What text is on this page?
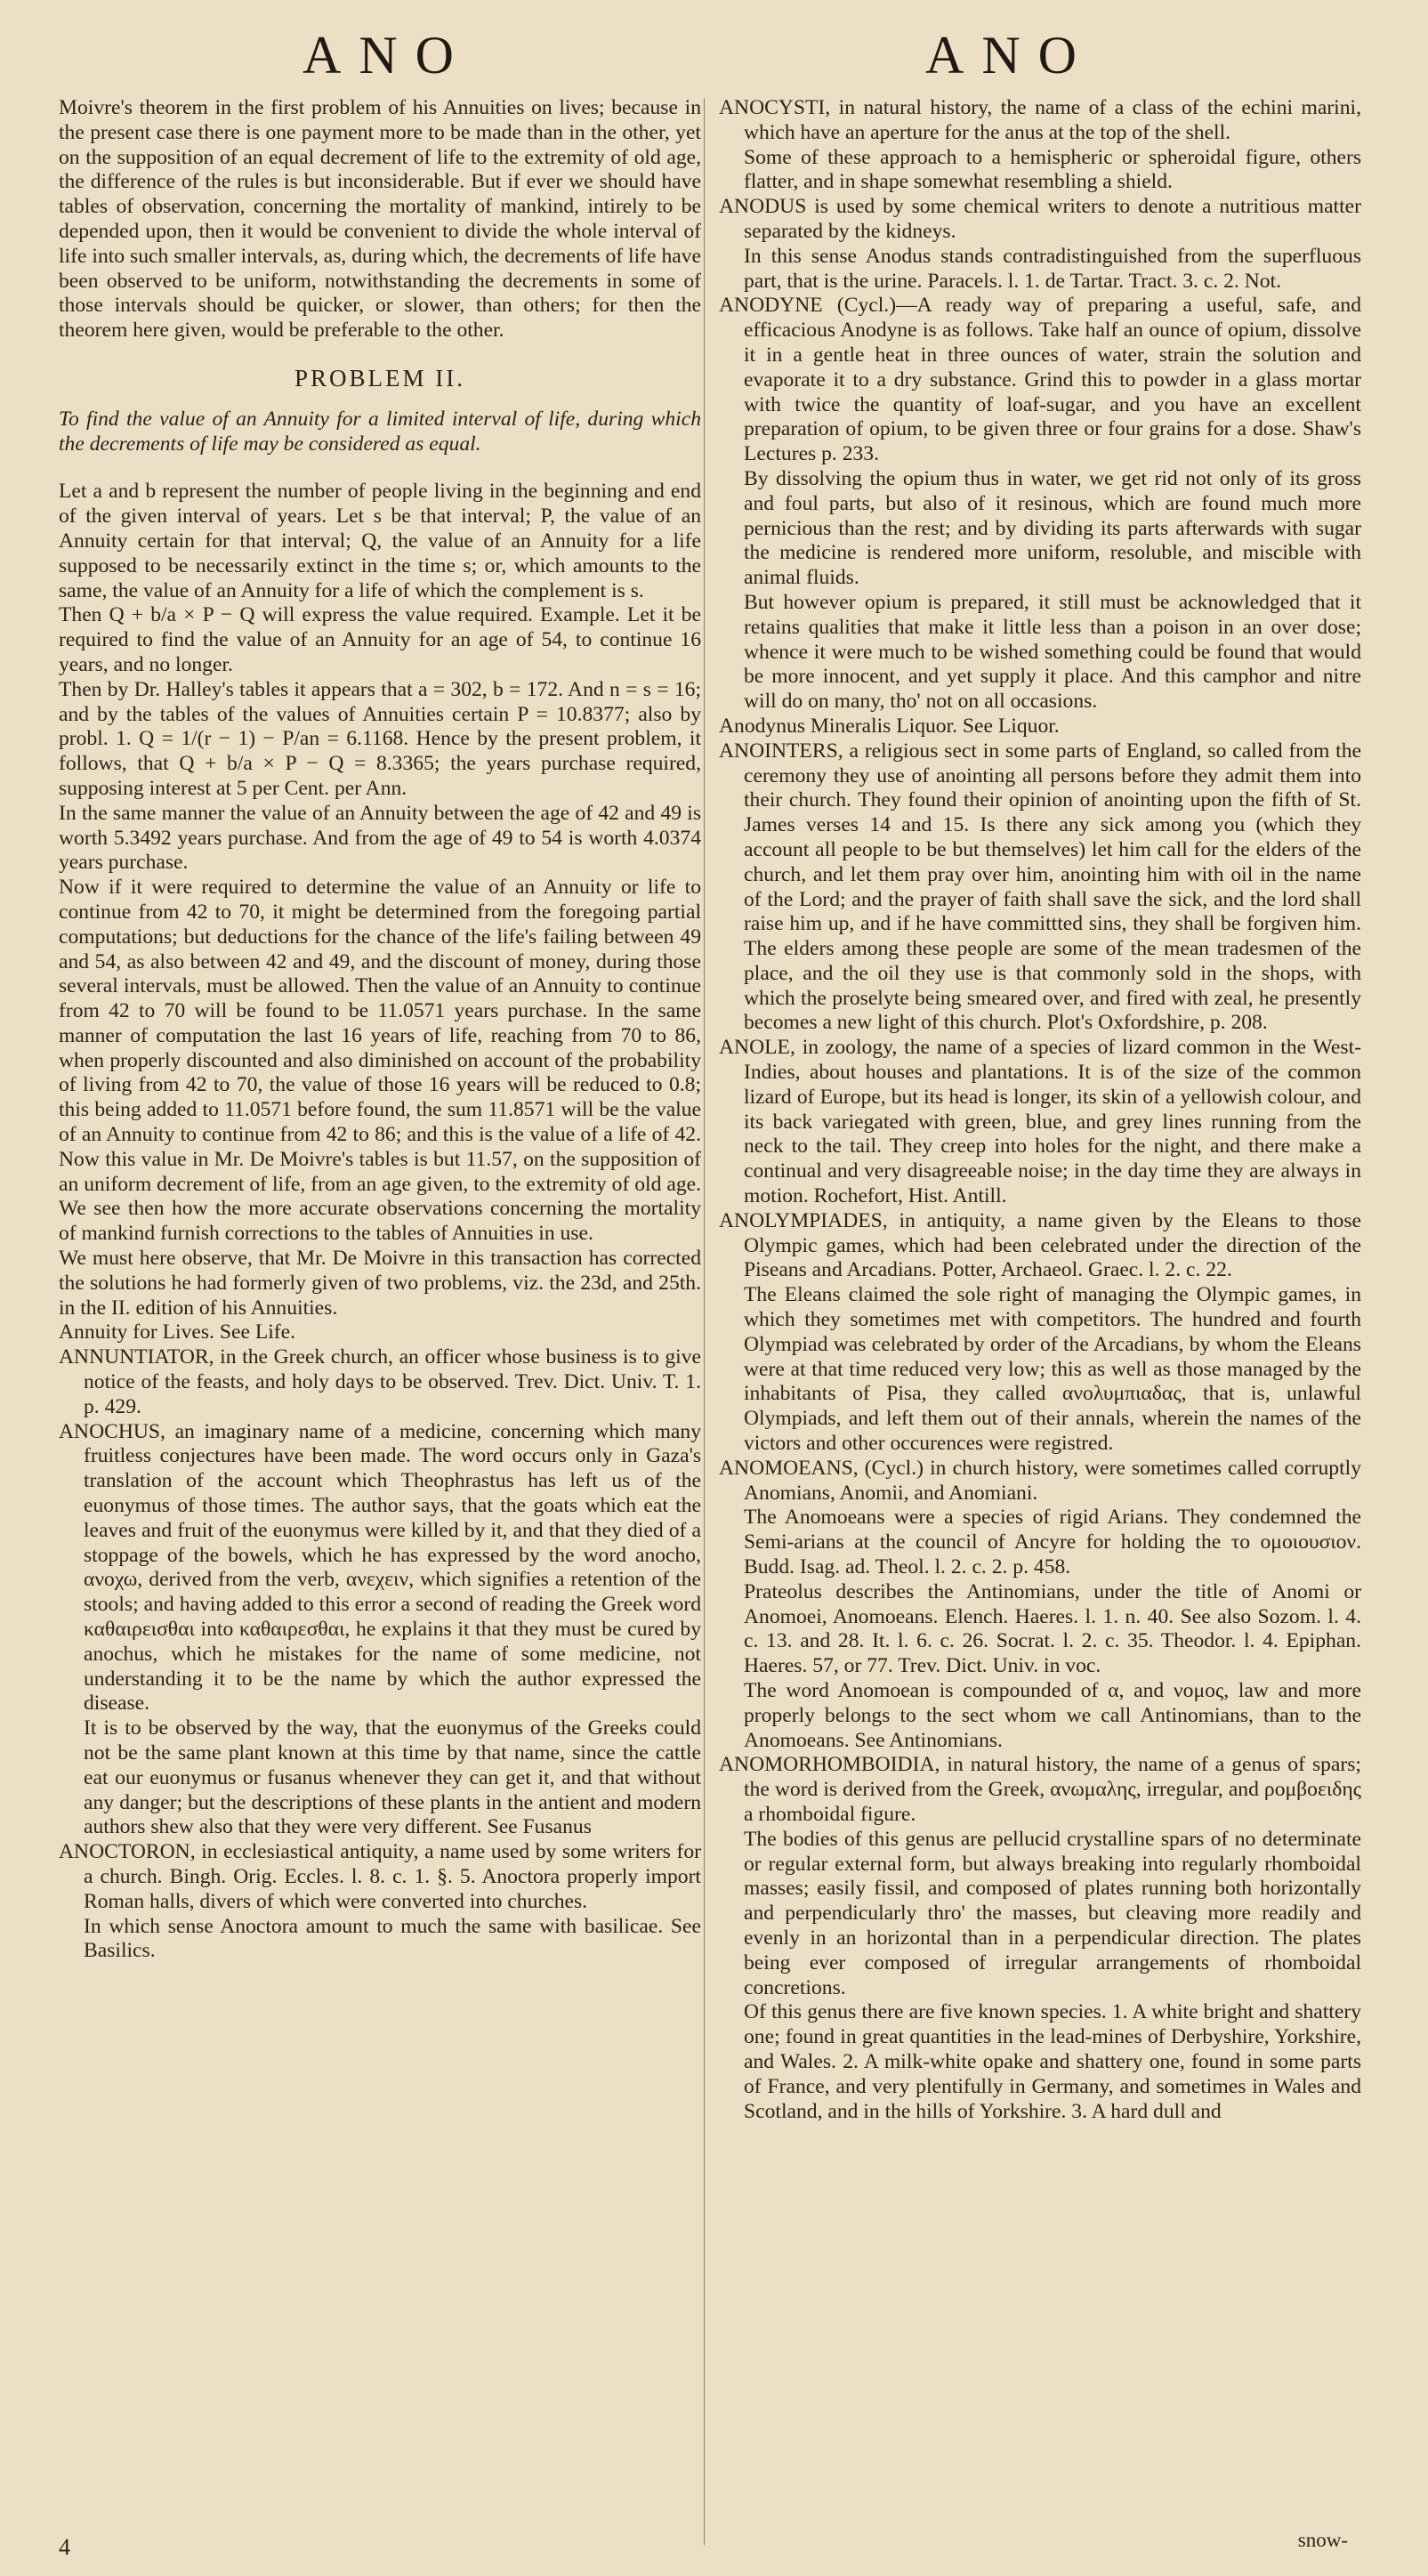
ANO	ANO

Moivre's theorem in the first problem of his Annuities on lives; because in the present case there is one payment more to be made than in the other, yet on the supposition of an equal decrement of life to the extremity of old age, the difference of the rules is but inconsiderable. But if ever we should have tables of observation, concerning the mortality of mankind, intirely to be depended upon, then it would be convenient to divide the whole interval of life into such smaller intervals, as, during which, the decrements of life have been observed to be uniform, notwithstanding the decrements in some of those intervals should be quicker, or slower, than others; for then the theorem here given, would be preferable to the other.

PROBLEM II.

To find the value of an Annuity for a limited interval of life, during which the decrements of life may be considered as equal.

Let a and b represent the number of people living in the beginning and end of the given interval of years. Let s be that interval; P, the value of an Annuity certain for that interval; Q, the value of an Annuity for a life supposed to be necessarily extinct in the time s; or, which amounts to the same, the value of an Annuity for a life of which the complement is s.

Then Q + b/a × P − Q will express the value required. Example. Let it be required to find the value of an Annuity for an age of 54, to continue 16 years, and no longer.

Then by Dr. Halley's tables it appears that a = 302, b = 172. And n = s = 16; and by the tables of the values of Annuities certain P = 10.8377; also by probl. 1. Q = 1/(r − 1) − P/an = 6.1168. Hence by the present problem, it follows, that Q + b/a × P − Q = 8.3365; the years purchase required, supposing interest at 5 per Cent. per Ann.

In the same manner the value of an Annuity between the age of 42 and 49 is worth 5.3492 years purchase. And from the age of 49 to 54 is worth 4.0374 years purchase.

Now if it were required to determine the value of an Annuity or life to continue from 42 to 70, it might be determined from the foregoing partial computations; but deductions for the chance of the life's failing between 49 and 54, as also between 42 and 49, and the discount of money, during those several intervals, must be allowed. Then the value of an Annuity to continue from 42 to 70 will be found to be 11.0571 years purchase. In the same manner of computation the last 16 years of life, reaching from 70 to 86, when properly discounted and also diminished on account of the probability of living from 42 to 70, the value of those 16 years will be reduced to 0.8; this being added to 11.0571 before found, the sum 11.8571 will be the value of an Annuity to continue from 42 to 86; and this is the value of a life of 42. Now this value in Mr. De Moivre's tables is but 11.57, on the supposition of an uniform decrement of life, from an age given, to the extremity of old age. We see then how the more accurate observations concerning the mortality of mankind furnish corrections to the tables of Annuities in use.

We must here observe, that Mr. De Moivre in this transaction has corrected the solutions he had formerly given of two problems, viz. the 23d, and 25th. in the II. edition of his Annuities.

Annuity for Lives. See Life.

ANNUNTIATOR, in the Greek church, an officer whose business is to give notice of the feasts, and holy days to be observed. Trev. Dict. Univ. T. 1. p. 429.

ANOCHUS, an imaginary name of a medicine, concerning which many fruitless conjectures have been made. The word occurs only in Gaza's translation of the account which Theophrastus has left us of the euonymus of those times. The author says, that the goats which eat the leaves and fruit of the euonymus were killed by it, and that they died of a stoppage of the bowels, which he has expressed by the word anocho, ανοχω, derived from the verb, ανεχειν, which signifies a retention of the stools; and having added to this error a second of reading the Greek word καθαιρεισθαι into καθαιρεσθαι, he explains it that they must be cured by anochus, which he mistakes for the name of some medicine, not understanding it to be the name by which the author expressed the disease.

It is to be observed by the way, that the euonymus of the Greeks could not be the same plant known at this time by that name, since the cattle eat our euonymus or fusanus whenever they can get it, and that without any danger; but the descriptions of these plants in the antient and modern authors shew also that they were very different. See Fusanus

ANOCTORON, in ecclesiastical antiquity, a name used by some writers for a church. Bingh. Orig. Eccles. l. 8. c. 1. §. 5. Anoctora properly import Roman halls, divers of which were converted into churches.

In which sense Anoctora amount to much the same with basilicae. See Basilics.

ANOCYSTI, in natural history, the name of a class of the echini marini, which have an aperture for the anus at the top of the shell.

Some of these approach to a hemispheric or spheroidal figure, others flatter, and in shape somewhat resembling a shield.

ANODUS is used by some chemical writers to denote a nutritious matter separated by the kidneys.

In this sense Anodus stands contradistinguished from the superfluous part, that is the urine. Paracels. l. 1. de Tartar. Tract. 3. c. 2. Not.

ANODYNE (Cycl.)—A ready way of preparing a useful, safe, and efficacious Anodyne is as follows. Take half an ounce of opium, dissolve it in a gentle heat in three ounces of water, strain the solution and evaporate it to a dry substance. Grind this to powder in a glass mortar with twice the quantity of loaf-sugar, and you have an excellent preparation of opium, to be given three or four grains for a dose. Shaw's Lectures p. 233.

By dissolving the opium thus in water, we get rid not only of its gross and foul parts, but also of it resinous, which are found much more pernicious than the rest; and by dividing its parts afterwards with sugar the medicine is rendered more uniform, resoluble, and miscible with animal fluids.

But however opium is prepared, it still must be acknowledged that it retains qualities that make it little less than a poison in an over dose; whence it were much to be wished something could be found that would be more innocent, and yet supply it place. And this camphor and nitre will do on many, tho' not on all occasions.

Anodynus Mineralis Liquor. See Liquor.

ANOINTERS, a religious sect in some parts of England, so called from the ceremony they use of anointing all persons before they admit them into their church. They found their opinion of anointing upon the fifth of St. James verses 14 and 15. Is there any sick among you (which they account all people to be but themselves) let him call for the elders of the church, and let them pray over him, anointing him with oil in the name of the Lord; and the prayer of faith shall save the sick, and the lord shall raise him up, and if he have committted sins, they shall be forgiven him. The elders among these people are some of the mean tradesmen of the place, and the oil they use is that commonly sold in the shops, with which the proselyte being smeared over, and fired with zeal, he presently becomes a new light of this church. Plot's Oxfordshire, p. 208.

ANOLE, in zoology, the name of a species of lizard common in the West-Indies, about houses and plantations. It is of the size of the common lizard of Europe, but its head is longer, its skin of a yellowish colour, and its back variegated with green, blue, and grey lines running from the neck to the tail. They creep into holes for the night, and there make a continual and very disagreeable noise; in the day time they are always in motion. Rochefort, Hist. Antill.

ANOLYMPIADES, in antiquity, a name given by the Eleans to those Olympic games, which had been celebrated under the direction of the Piseans and Arcadians. Potter, Archaeol. Graec. l. 2. c. 22.

The Eleans claimed the sole right of managing the Olympic games, in which they sometimes met with competitors. The hundred and fourth Olympiad was celebrated by order of the Arcadians, by whom the Eleans were at that time reduced very low; this as well as those managed by the inhabitants of Pisa, they called ανολυμπιαδας, that is, unlawful Olympiads, and left them out of their annals, wherein the names of the victors and other occurences were registred.

ANOMOEANS, (Cycl.) in church history, were sometimes called corruptly Anomians, Anomii, and Anomiani.

The Anomoeans were a species of rigid Arians. They condemned the Semi-arians at the council of Ancyre for holding the το ομοιουσιον. Budd. Isag. ad. Theol. l. 2. c. 2. p. 458.

Prateolus describes the Antinomians, under the title of Anomi or Anomoei, Anomoeans. Elench. Haeres. l. 1. n. 40. See also Sozom. l. 4. c. 13. and 28. It. l. 6. c. 26. Socrat. l. 2. c. 35. Theodor. l. 4. Epiphan. Haeres. 57, or 77. Trev. Dict. Univ. in voc.

The word Anomoean is compounded of α, and νομος, law and more properly belongs to the sect whom we call Antinomians, than to the Anomoeans. See Antinomians.

ANOMORHOMBOIDIA, in natural history, the name of a genus of spars; the word is derived from the Greek, ανωμαλης, irregular, and ρομβοειδης a rhomboidal figure.

The bodies of this genus are pellucid crystalline spars of no determinate or regular external form, but always breaking into regularly rhomboidal masses; easily fissil, and composed of plates running both horizontally and perpendicularly thro' the masses, but cleaving more readily and evenly in an horizontal than in a perpendicular direction. The plates being ever composed of irregular arrangements of rhomboidal concretions.

Of this genus there are five known species. 1. A white bright and shattery one; found in great quantities in the lead-mines of Derbyshire, Yorkshire, and Wales. 2. A milk-white opake and shattery one, found in some parts of France, and very plentifully in Germany, and sometimes in Wales and Scotland, and in the hills of Yorkshire. 3. A hard dull and

4	snow-
